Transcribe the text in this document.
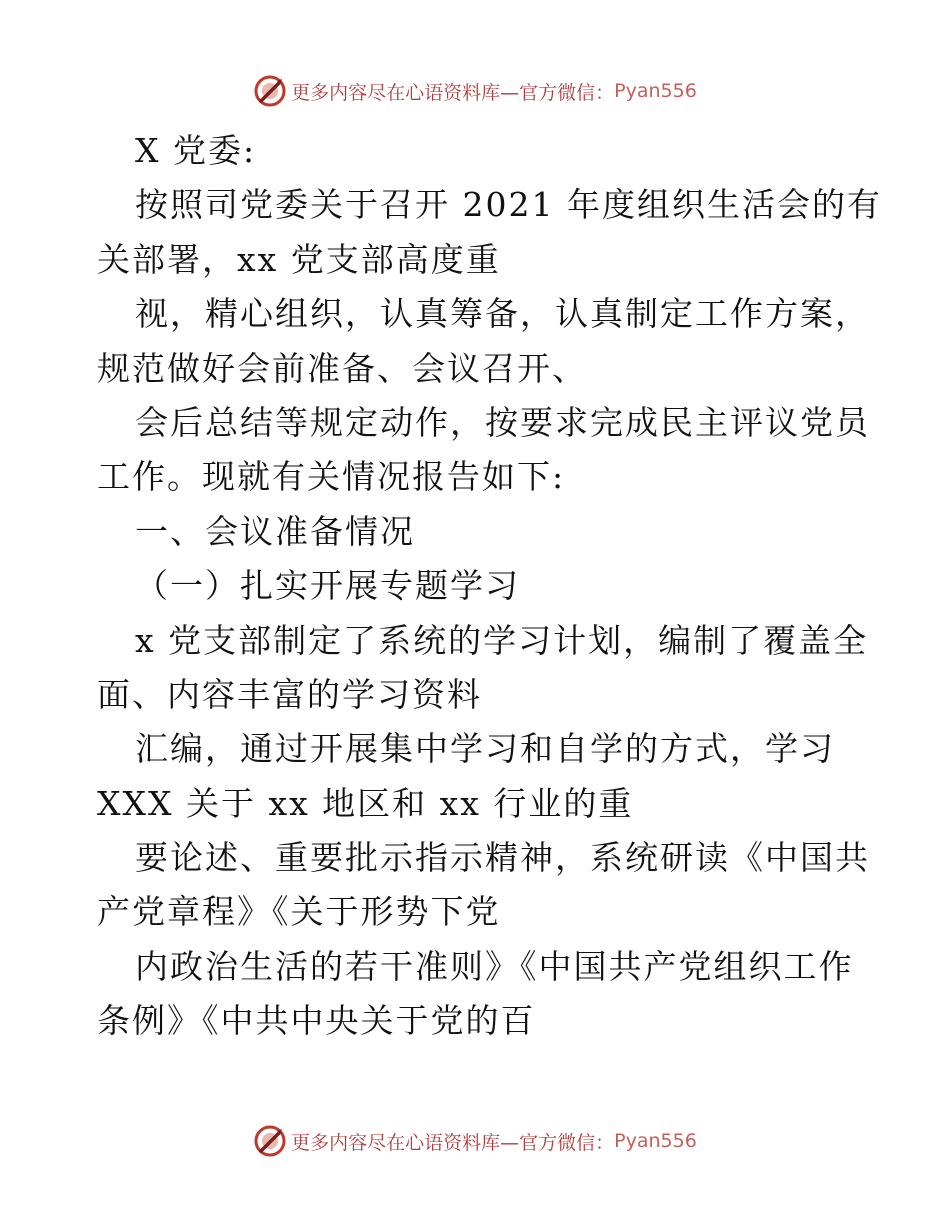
更多内容尽在心语资料库—官方微信： Pyan556
X 党委:
按照司党委关于召开 2021 年度组织生活会的有
关部署，xx 党支部高度重
视，精心组织，认真筹备，认真制定工作方案，
规范做好会前准备、会议召开、
会后总结等规定动作，按要求完成民主评议党员
工作。现就有关情况报告如下:
一、会议准备情况
（一）扎实开展专题学习
x 党支部制定了系统的学习计划，编制了覆盖全
面、内容丰富的学习资料
汇编，通过开展集中学习和自学的方式，学习
XXX 关于 xx 地区和 xx 行业的重
要论述、重要批示指示精神，系统研读《中国共
产党章程》《关于形势下党
内政治生活的若干准则》《中国共产党组织工作
条例》《中共中央关于党的百
更多内容尽在心语资料库—官方微信： Pyan556
